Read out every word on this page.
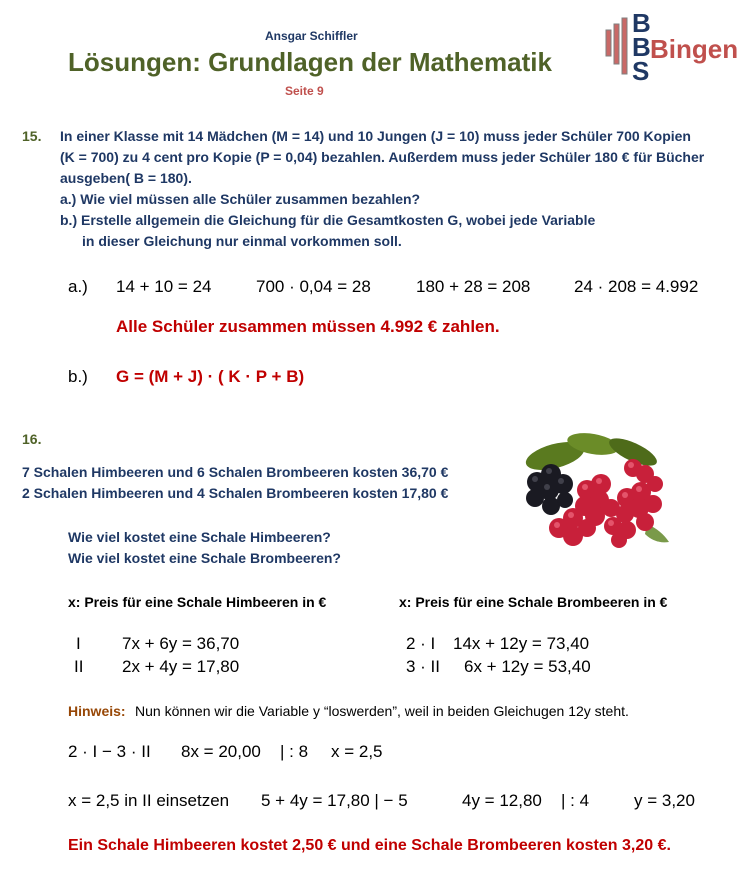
Ansgar Schiffler
Lösungen: Grundlagen der Mathematik
Seite 9
B
B
S
Bingen
15. In einer Klasse mit 14 Mädchen (M = 14) und 10 Jungen (J = 10) muss jeder Schüler 700 Kopien
(K = 700) zu 4 cent pro Kopie (P = 0,04) bezahlen. Außerdem muss jeder Schüler 180 € für Bücher
ausgeben( B = 180).
a.) Wie viel müssen alle Schüler zusammen bezahlen?
b.) Erstelle allgemein die Gleichung für die Gesamtkosten G, wobei jede Variable
in dieser Gleichung nur einmal vorkommen soll.
a.) 14 + 10 = 24	700 · 0,04 = 28	180 + 28 = 208	24 · 208 = 4.992
Alle Schüler zusammen müssen 4.992 € zahlen.
b.) G = (M + J) · ( K · P + B)
16.
7 Schalen Himbeeren und 6 Schalen Brombeeren kosten 36,70 €
2 Schalen Himbeeren und 4 Schalen Brombeeren kosten 17,80 €
Wie viel kostet eine Schale Himbeeren?
Wie viel kostet eine Schale Brombeeren?
x: Preis für eine Schale Himbeeren in €	x: Preis für eine Schale Brombeeren in €
I 7x + 6y = 36,70
II 2x + 4y = 17,80
2 · I 14x + 12y = 73,40
3 · II 6x + 12y = 53,40
Hinweis: Nun können wir die Variable y “loswerden”, weil in beiden Gleichugen 12y steht.
2 · I − 3 · II 8x = 20,00 | : 8 x = 2,5
x = 2,5 in II einsetzen 5 + 4y = 17,80 | − 5	4y = 12,80 | : 4	y = 3,20
Ein Schale Himbeeren kostet 2,50 € und eine Schale Brombeeren kosten 3,20 €.
